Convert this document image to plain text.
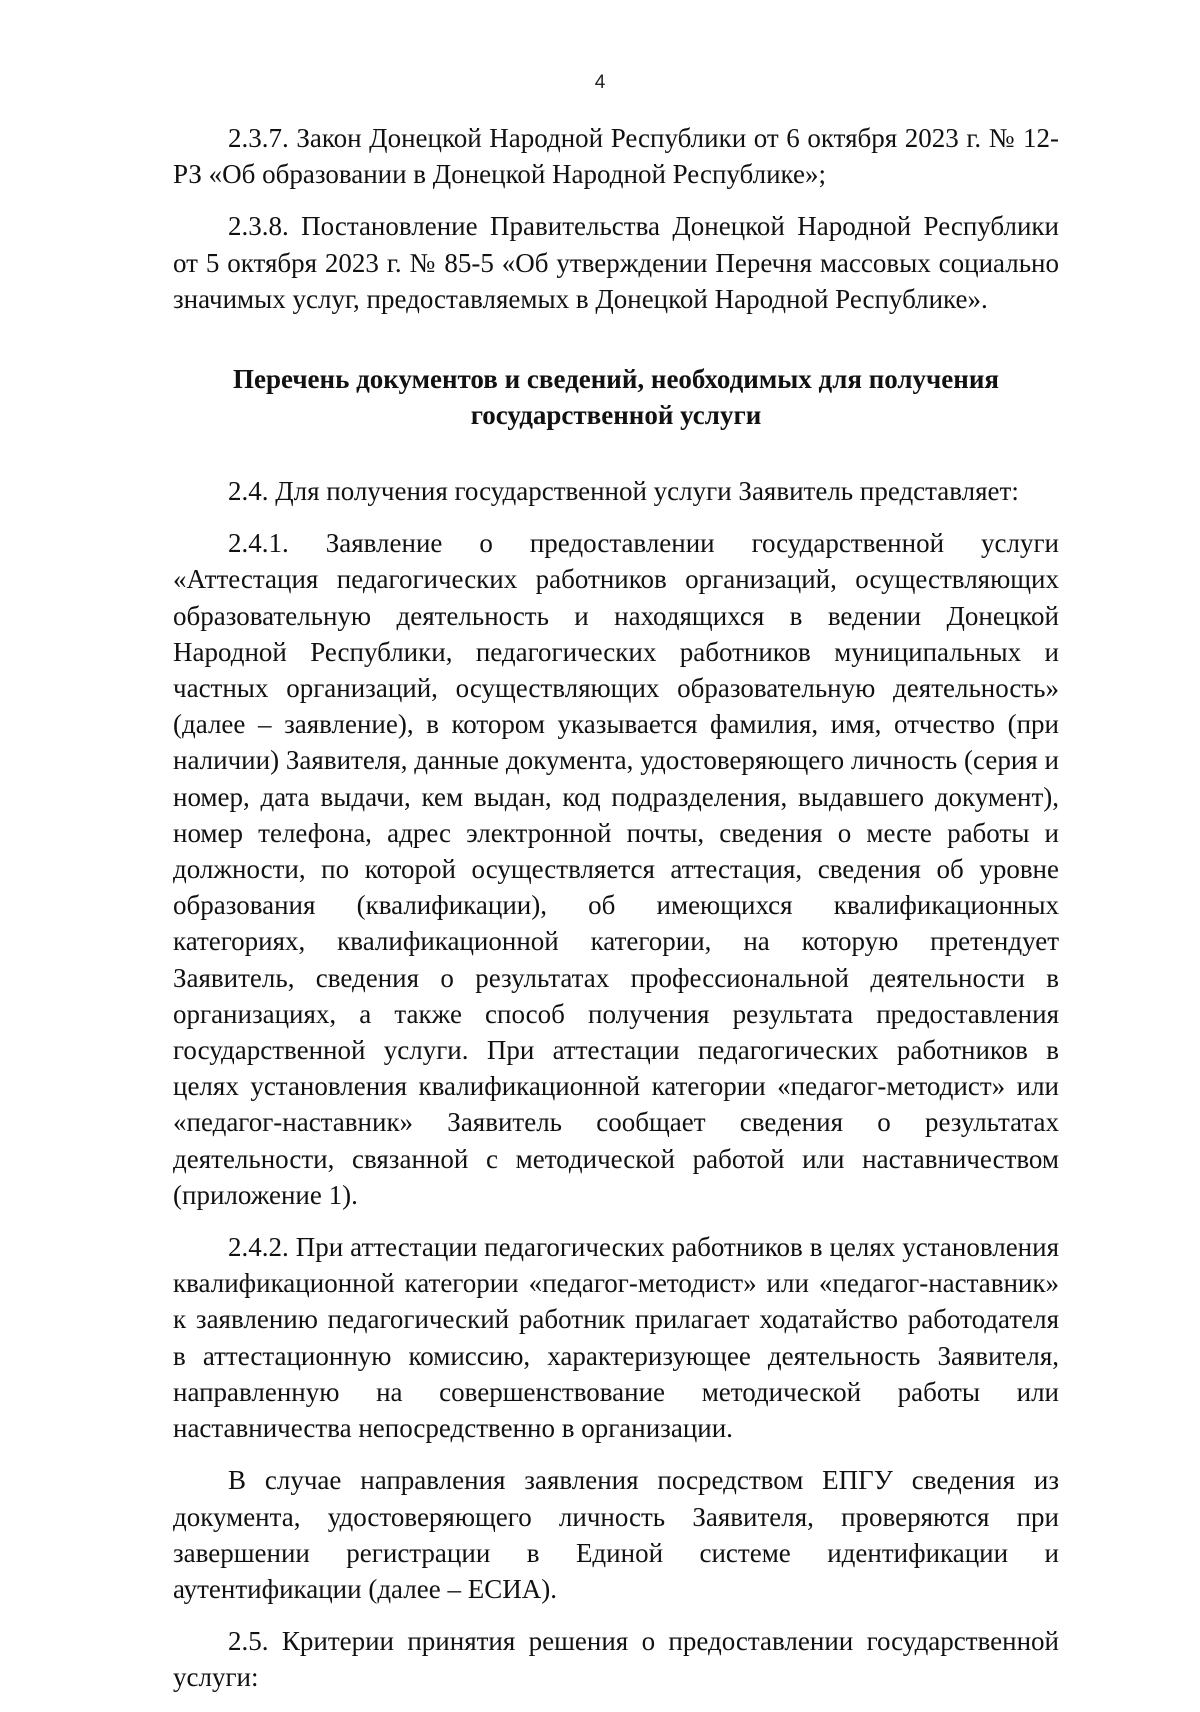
4

2.3.7. Закон Донецкой Народной Республики от 6 октября 2023 г. № 12-РЗ «Об образовании в Донецкой Народной Республике»;

2.3.8. Постановление Правительства Донецкой Народной Республики от 5 октября 2023 г. № 85-5 «Об утверждении Перечня массовых социально значимых услуг, предоставляемых в Донецкой Народной Республике».

Перечень документов и сведений, необходимых для получения
государственной услуги

2.4. Для получения государственной услуги Заявитель представляет:

2.4.1. Заявление о предоставлении государственной услуги «Аттестация педагогических работников организаций, осуществляющих образовательную деятельность и находящихся в ведении Донецкой Народной Республики, педагогических работников муниципальных и частных организаций, осуществляющих образовательную деятельность» (далее – заявление), в котором указывается фамилия, имя, отчество (при наличии) Заявителя, данные документа, удостоверяющего личность (серия и номер, дата выдачи, кем выдан, код подразделения, выдавшего документ), номер телефона, адрес электронной почты, сведения о месте работы и должности, по которой осуществляется аттестация, сведения об уровне образования (квалификации), об имеющихся квалификационных категориях, квалификационной категории, на которую претендует Заявитель, сведения о результатах профессиональной деятельности в организациях, а также способ получения результата предоставления государственной услуги. При аттестации педагогических работников в целях установления квалификационной категории «педагог-методист» или «педагог-наставник» Заявитель сообщает сведения о результатах деятельности, связанной с методической работой или наставничеством (приложение 1).

2.4.2. При аттестации педагогических работников в целях установления квалификационной категории «педагог-методист» или «педагог-наставник» к заявлению педагогический работник прилагает ходатайство работодателя в аттестационную комиссию, характеризующее деятельность Заявителя, направленную на совершенствование методической работы или наставничества непосредственно в организации.

В случае направления заявления посредством ЕПГУ сведения из документа, удостоверяющего личность Заявителя, проверяются при завершении регистрации в Единой системе идентификации и аутентификации (далее – ЕСИА).

2.5. Критерии принятия решения о предоставлении государственной услуги:
